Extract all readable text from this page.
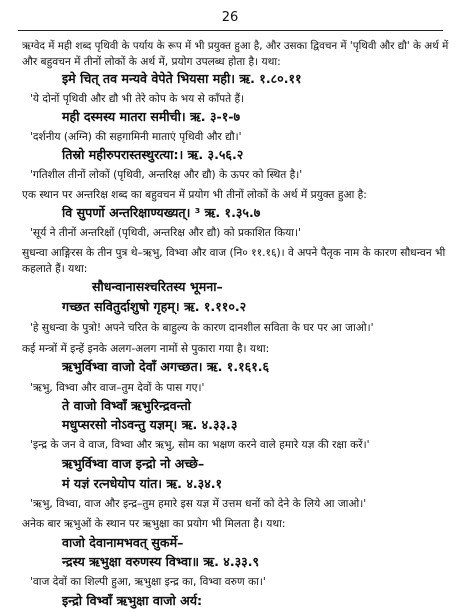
26
ऋग्वेद में मही शब्द पृथिवी के पर्याय के रूप में भी प्रयुक्त हुआ है, और उसका द्विवचन में 'पृथिवी और द्यौ' के अर्थ में
और बहुवचन में तीनों लोकों के अर्थ में, प्रयोग उपलब्ध होता है। यथा:
इमे चित् तव मन्यवे वेपेते भियसा मही। ऋ. १.८०.११
'ये दोनों पृथिवी और द्यौ भी तेरे कोप के भय से काँपते हैं।
मही दस्मस्य मातरा समीची। ऋ. ३-१-७
'दर्शनीय (अग्नि) की सहगामिनी माताएं पृथिवी और द्यौ।'
तिस्रो महीरुपरास्तस्थुरत्या:। ऋ. ३.५६.२
'गतिशील तीनों लोकों (पृथिवी, अन्तरिक्ष और द्यौ) के ऊपर को स्थित है।'
एक स्थान पर अन्तरिक्ष शब्द का बहुवचन में प्रयोग भी तीनों लोकों के अर्थ में प्रयुक्त हुआ है:
वि सुपर्णो अन्तरिक्षाण्यख्यत्। ³ ऋ. १.३५.७
'सूर्य ने तीनों अन्तरिक्षों (पृथिवी, अन्तरिक्ष और द्यौ) को प्रकाशित किया।'
सुधन्वा आङ्गिरस के तीन पुत्र थे–ऋभु, विभ्वा और वाज (नि० ११.१६)। वे अपने पैतृक नाम के कारण सौधन्वन भी
कहलाते हैं। यथा:
सौधन्वानासश्चरितस्य भूमना–
गच्छत सवितुर्दाशुषो गृहम्। ऋ. १.११०.२
'हे सुधन्वा के पुत्रो! अपने चरित के बाहुल्य के कारण दानशील सविता के घर पर आ जाओ।'
कई मन्त्रों में इन्हें इनके अलग-अलग नामों से पुकारा गया है। यथा:
ऋभुर्विभ्वा वाजो देवाँ अगच्छत। ऋ. १.१६१.६
'ऋभु, विभ्वा और वाज–तुम देवों के पास गए।'
ते वाजो विभ्वाँ ऋभुरिन्द्रवन्तो
मधुप्सरसो नोऽवन्तु यज्ञम्। ऋ. ४.३३.३
'इन्द्र के जन वे वाज, विभ्वा और ऋभु, सोम का भक्षण करने वाले हमारे यज्ञ की रक्षा करें।'
ऋभुर्विभ्वा वाज इन्द्रो नो अच्छे–
मं यज्ञं रत्नधेयोप यांत। ऋ. ४.३४.१
'ऋभु, विभ्वा, वाज और इन्द्र–तुम हमारे इस यज्ञ में उत्तम धनों को देने के लिये आ जाओ।'
अनेक बार ऋभुओं के स्थान पर ऋभुक्षा का प्रयोग भी मिलता है। यथा:
वाजो देवानामभवत् सुकर्मे–
न्द्रस्य ऋभुक्षा वरुणस्य विभ्वा॥ ऋ. ४.३३.९
'वाज देवों का शिल्पी हुआ, ऋभुक्षा इन्द्र का, विभ्वा वरुण का।'
इन्द्रो विभ्वाँ ऋभुक्षा वाजो अर्य:
